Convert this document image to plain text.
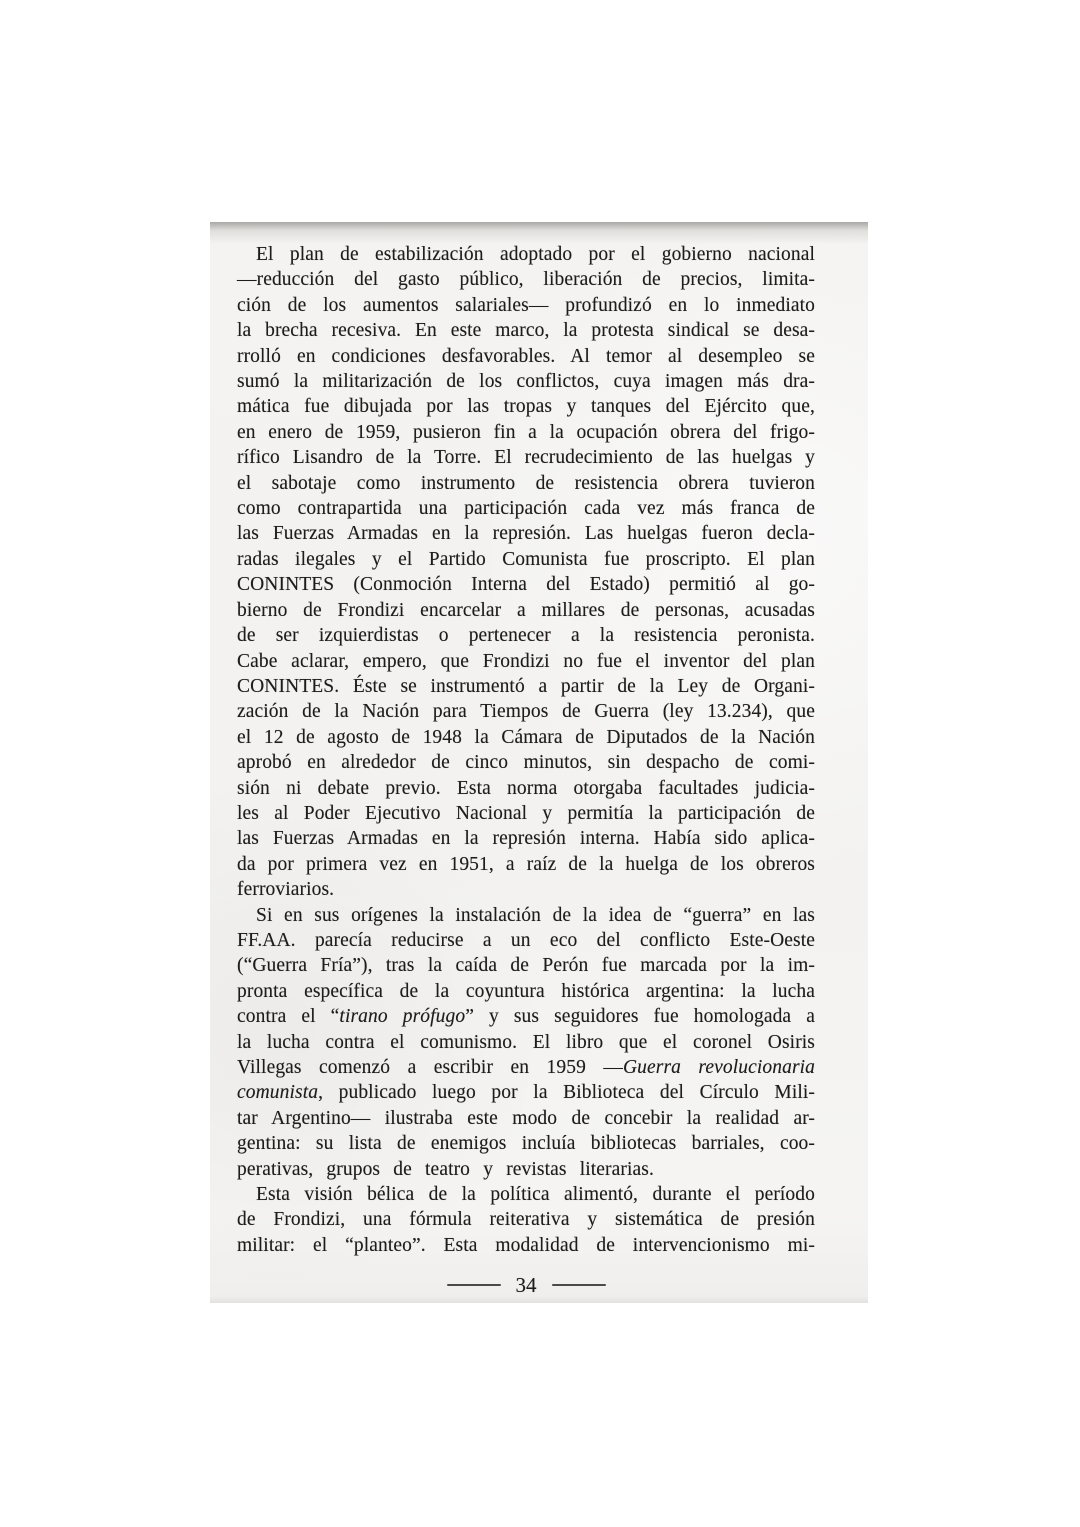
El plan de estabilización adoptado por el gobierno nacional
—reducción del gasto público, liberación de precios, limita-
ción de los aumentos salariales— profundizó en lo inmediato
la brecha recesiva. En este marco, la protesta sindical se desa-
rrolló en condiciones desfavorables. Al temor al desempleo se
sumó la militarización de los conflictos, cuya imagen más dra-
mática fue dibujada por las tropas y tanques del Ejército que,
en enero de 1959, pusieron fin a la ocupación obrera del frigo-
rífico Lisandro de la Torre. El recrudecimiento de las huelgas y
el sabotaje como instrumento de resistencia obrera tuvieron
como contrapartida una participación cada vez más franca de
las Fuerzas Armadas en la represión. Las huelgas fueron decla-
radas ilegales y el Partido Comunista fue proscripto. El plan
CONINTES (Conmoción Interna del Estado) permitió al go-
bierno de Frondizi encarcelar a millares de personas, acusadas
de ser izquierdistas o pertenecer a la resistencia peronista.
Cabe aclarar, empero, que Frondizi no fue el inventor del plan
CONINTES. Éste se instrumentó a partir de la Ley de Organi-
zación de la Nación para Tiempos de Guerra (ley 13.234), que
el 12 de agosto de 1948 la Cámara de Diputados de la Nación
aprobó en alrededor de cinco minutos, sin despacho de comi-
sión ni debate previo. Esta norma otorgaba facultades judicia-
les al Poder Ejecutivo Nacional y permitía la participación de
las Fuerzas Armadas en la represión interna. Había sido aplica-
da por primera vez en 1951, a raíz de la huelga de los obreros
ferroviarios.
Si en sus orígenes la instalación de la idea de “guerra” en las
FF.AA. parecía reducirse a un eco del conflicto Este-Oeste
(“Guerra Fría”), tras la caída de Perón fue marcada por la im-
pronta específica de la coyuntura histórica argentina: la lucha
contra el “tirano prófugo” y sus seguidores fue homologada a
la lucha contra el comunismo. El libro que el coronel Osiris
Villegas comenzó a escribir en 1959 —Guerra revolucionaria
comunista, publicado luego por la Biblioteca del Círculo Mili-
tar Argentino— ilustraba este modo de concebir la realidad ar-
gentina: su lista de enemigos incluía bibliotecas barriales, coo-
perativas, grupos de teatro y revistas literarias.
Esta visión bélica de la política alimentó, durante el período
de Frondizi, una fórmula reiterativa y sistemática de presión
militar: el “planteo”. Esta modalidad de intervencionismo mi-
34
